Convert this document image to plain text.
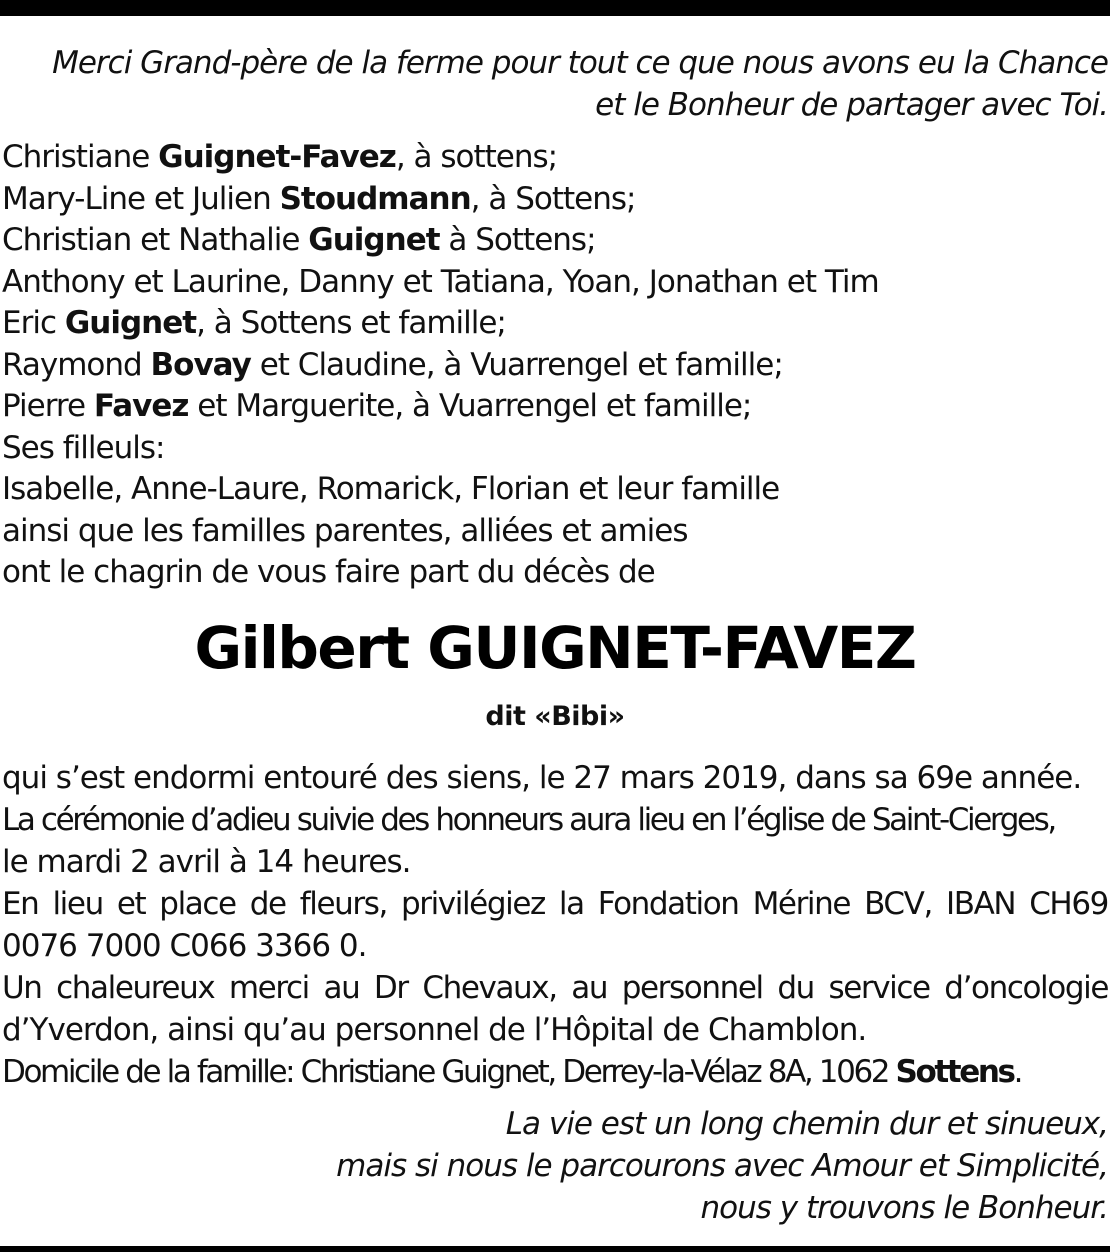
Merci Grand-père de la ferme pour tout ce que nous avons eu la Chance
et le Bonheur de partager avec Toi.
Christiane Guignet-Favez, à sottens;
Mary-Line et Julien Stoudmann, à Sottens;
Christian et Nathalie Guignet à Sottens;
Anthony et Laurine, Danny et Tatiana, Yoan, Jonathan et Tim
Eric Guignet, à Sottens et famille;
Raymond Bovay et Claudine, à Vuarrengel et famille;
Pierre Favez et Marguerite, à Vuarrengel et famille;
Ses filleuls:
Isabelle, Anne-Laure, Romarick, Florian et leur famille
ainsi que les familles parentes, alliées et amies
ont le chagrin de vous faire part du décès de
Gilbert GUIGNET-FAVEZ
dit «Bibi»
qui s’est endormi entouré des siens, le 27 mars 2019, dans sa 69e année.
La cérémonie d’adieu suivie des honneurs aura lieu en l’église de Saint-Cierges,
le mardi 2 avril à 14 heures.
En lieu et place de fleurs, privilégiez la Fondation Mérine BCV, IBAN CH69
0076 7000 C066 3366 0.
Un chaleureux merci au Dr Chevaux, au personnel du service d’oncologie
d’Yverdon, ainsi qu’au personnel de l’Hôpital de Chamblon.
Domicile de la famille: Christiane Guignet, Derrey-la-Vélaz 8A, 1062 Sottens.
La vie est un long chemin dur et sinueux,
mais si nous le parcourons avec Amour et Simplicité,
nous y trouvons le Bonheur.
